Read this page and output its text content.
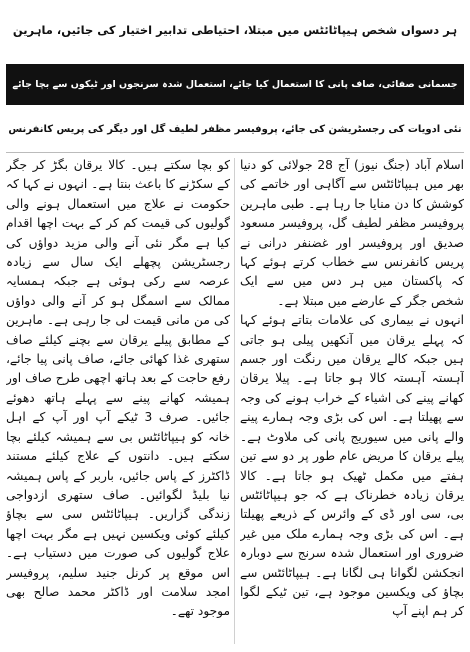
ہر دسواں شخص ہیپاٹائٹس میں مبتلا، احتیاطی تدابیر اختیار کی جائیں، ماہرین
جسمانی صفائی، صاف پانی کا استعمال کیا جائے، استعمال شدہ سرنجوں اور ٹیکوں سے بچا جائے
نئی ادویات کی رجسٹریشن کی جائے، پروفیسر مظفر لطیف گل اور دیگر کی پریس کانفرنس

اسلام آباد (جنگ نیوز) آج 28 جولائی کو دنیا بھر میں ہیپاٹائٹس سے آگاہی اور خاتمے کی کوشش کا دن منایا جا رہا ہے۔ طبی ماہرین پروفیسر مظفر لطیف گل، پروفیسر مسعود صدیق اور پروفیسر اور غضنفر درانی نے پریس کانفرنس سے خطاب کرتے ہوئے کہا کہ پاکستان میں ہر دس میں سے ایک شخص جگر کے عارضے میں مبتلا ہے۔
انہوں نے بیماری کی علامات بتاتے ہوئے کہا کہ پہلے یرقان میں آنکھیں پیلی ہو جاتی ہیں جبکہ کالے یرقان میں رنگت اور جسم آہستہ آہستہ کالا ہو جاتا ہے۔ پیلا یرقان کھانے پینے کی اشیاء کے خراب ہونے کی وجہ سے پھیلتا ہے۔ اس کی بڑی وجہ ہمارے پینے والے پانی میں سیوریج پانی کی ملاوٹ ہے۔ پیلے یرقان کا مریض عام طور پر دو سے تین ہفتے میں مکمل ٹھیک ہو جاتا ہے۔ کالا یرقان زیادہ خطرناک ہے کہ جو ہیپاٹائٹس بی، سی اور ڈی کے وائرس کے ذریعے پھیلتا ہے۔ اس کی بڑی وجہ ہمارے ملک میں غیر ضروری اور استعمال شدہ سرنج سے دوبارہ انجکشن لگوانا ہی لگانا ہے۔ ہیپاٹائٹس سے بچاؤ کی ویکسین موجود ہے، تین ٹیکے لگوا کر ہم اپنے آپ

کو بچا سکتے ہیں۔ کالا یرقان بگڑ کر جگر کے سکڑنے کا باعث بنتا ہے۔ انہوں نے کہا کہ حکومت نے علاج میں استعمال ہونے والی گولیوں کی قیمت کم کر کے بہت اچھا اقدام کیا ہے مگر نئی آنے والی مزید دواؤں کی رجسٹریشن پچھلے ایک سال سے زیادہ عرصہ سے رکی ہوئی ہے جبکہ ہمسایہ ممالک سے اسمگل ہو کر آنے والی دواؤں کی من مانی قیمت لی جا رہی ہے۔ ماہرین کے مطابق پیلے یرقان سے بچنے کیلئے صاف ستھری غذا کھائی جائے، صاف پانی پیا جائے، رفع حاجت کے بعد ہاتھ اچھی طرح صاف اور ہمیشہ کھانے پینے سے پہلے ہاتھ دھوئے جائیں۔ صرف 3 ٹیکے آپ اور آپ کے اہل خانہ کو ہیپاٹائٹس بی سے ہمیشہ کیلئے بچا سکتے ہیں۔ دانتوں کے علاج کیلئے مستند ڈاکٹرز کے پاس جائیں، باربر کے پاس ہمیشہ نیا بلیڈ لگوائیں۔ صاف ستھری ازدواجی زندگی گزاریں۔ ہیپاٹائٹس سی سے بچاؤ کیلئے کوئی ویکسین نہیں ہے مگر بہت اچھا علاج گولیوں کی صورت میں دستیاب ہے۔ اس موقع پر کرنل جنید سلیم، پروفیسر امجد سلامت اور ڈاکٹر محمد صالح بھی موجود تھے۔
